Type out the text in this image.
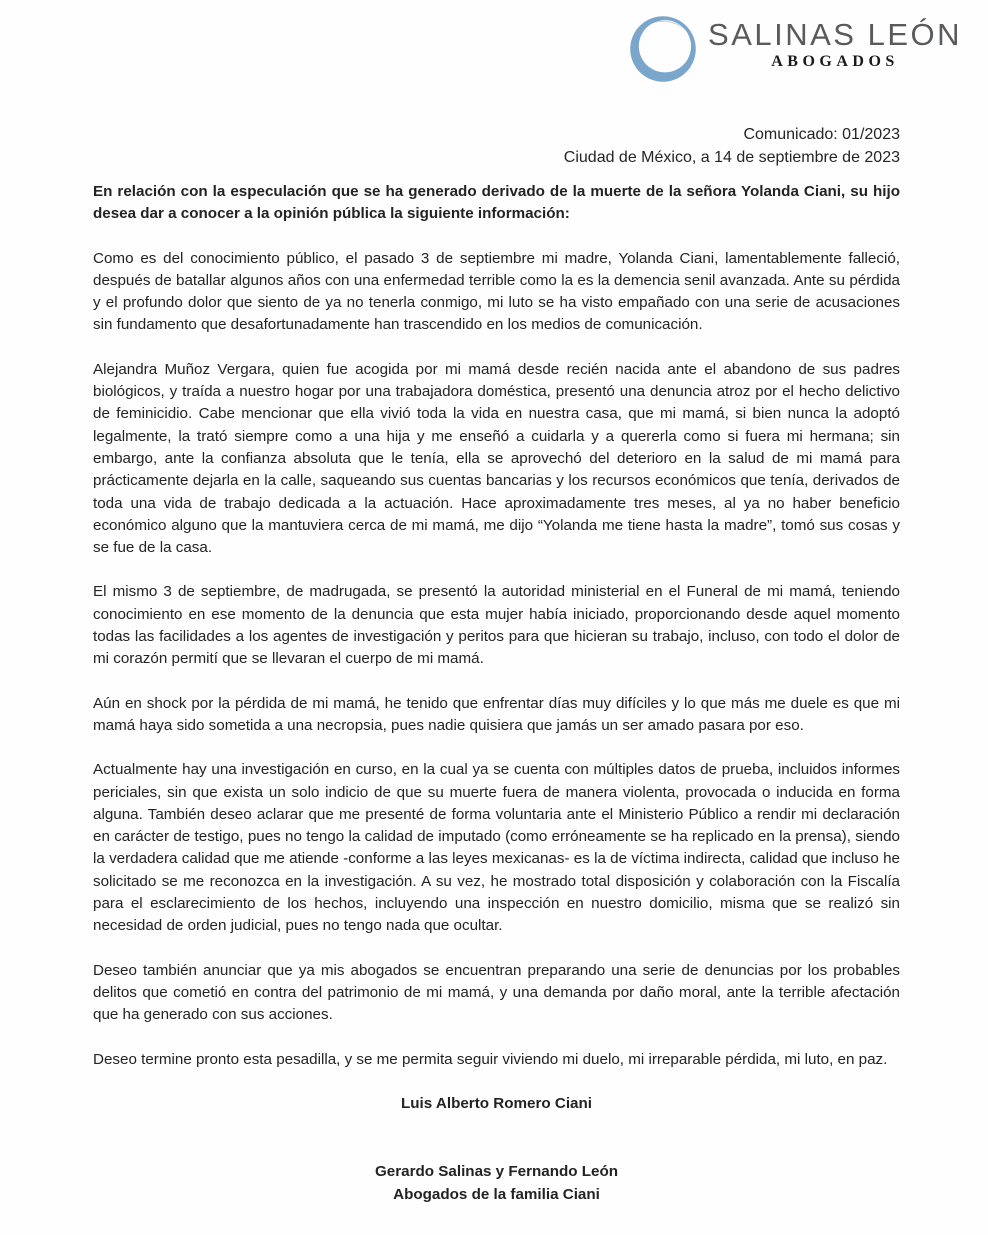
SALINAS LEÓN
ABOGADOS
Comunicado: 01/2023
Ciudad de México, a 14 de septiembre de 2023

En relación con la especulación que se ha generado derivado de la muerte de la señora Yolanda Ciani, su hijo desea dar a conocer a la opinión pública la siguiente información:

Como es del conocimiento público, el pasado 3 de septiembre mi madre, Yolanda Ciani, lamentablemente falleció, después de batallar algunos años con una enfermedad terrible como la es la demencia senil avanzada. Ante su pérdida y el profundo dolor que siento de ya no tenerla conmigo, mi luto se ha visto empañado con una serie de acusaciones sin fundamento que desafortunadamente han trascendido en los medios de comunicación.

Alejandra Muñoz Vergara, quien fue acogida por mi mamá desde recién nacida ante el abandono de sus padres biológicos, y traída a nuestro hogar por una trabajadora doméstica, presentó una denuncia atroz por el hecho delictivo de feminicidio. Cabe mencionar que ella vivió toda la vida en nuestra casa, que mi mamá, si bien nunca la adoptó legalmente, la trató siempre como a una hija y me enseñó a cuidarla y a quererla como si fuera mi hermana; sin embargo, ante la confianza absoluta que le tenía, ella se aprovechó del deterioro en la salud de mi mamá para prácticamente dejarla en la calle, saqueando sus cuentas bancarias y los recursos económicos que tenía, derivados de toda una vida de trabajo dedicada a la actuación. Hace aproximadamente tres meses, al ya no haber beneficio económico alguno que la mantuviera cerca de mi mamá, me dijo “Yolanda me tiene hasta la madre”, tomó sus cosas y se fue de la casa.

El mismo 3 de septiembre, de madrugada, se presentó la autoridad ministerial en el Funeral de mi mamá, teniendo conocimiento en ese momento de la denuncia que esta mujer había iniciado, proporcionando desde aquel momento todas las facilidades a los agentes de investigación y peritos para que hicieran su trabajo, incluso, con todo el dolor de mi corazón permití que se llevaran el cuerpo de mi mamá.

Aún en shock por la pérdida de mi mamá, he tenido que enfrentar días muy difíciles y lo que más me duele es que mi mamá haya sido sometida a una necropsia, pues nadie quisiera que jamás un ser amado pasara por eso.

Actualmente hay una investigación en curso, en la cual ya se cuenta con múltiples datos de prueba, incluidos informes periciales, sin que exista un solo indicio de que su muerte fuera de manera violenta, provocada o inducida en forma alguna. También deseo aclarar que me presenté de forma voluntaria ante el Ministerio Público a rendir mi declaración en carácter de testigo, pues no tengo la calidad de imputado (como erróneamente se ha replicado en la prensa), siendo la verdadera calidad que me atiende -conforme a las leyes mexicanas- es la de víctima indirecta, calidad que incluso he solicitado se me reconozca en la investigación. A su vez, he mostrado total disposición y colaboración con la Fiscalía para el esclarecimiento de los hechos, incluyendo una inspección en nuestro domicilio, misma que se realizó sin necesidad de orden judicial, pues no tengo nada que ocultar.

Deseo también anunciar que ya mis abogados se encuentran preparando una serie de denuncias por los probables delitos que cometió en contra del patrimonio de mi mamá, y una demanda por daño moral, ante la terrible afectación que ha generado con sus acciones.

Deseo termine pronto esta pesadilla, y se me permita seguir viviendo mi duelo, mi irreparable pérdida, mi luto, en paz.

Luis Alberto Romero Ciani

Gerardo Salinas y Fernando León

Abogados de la familia Ciani
